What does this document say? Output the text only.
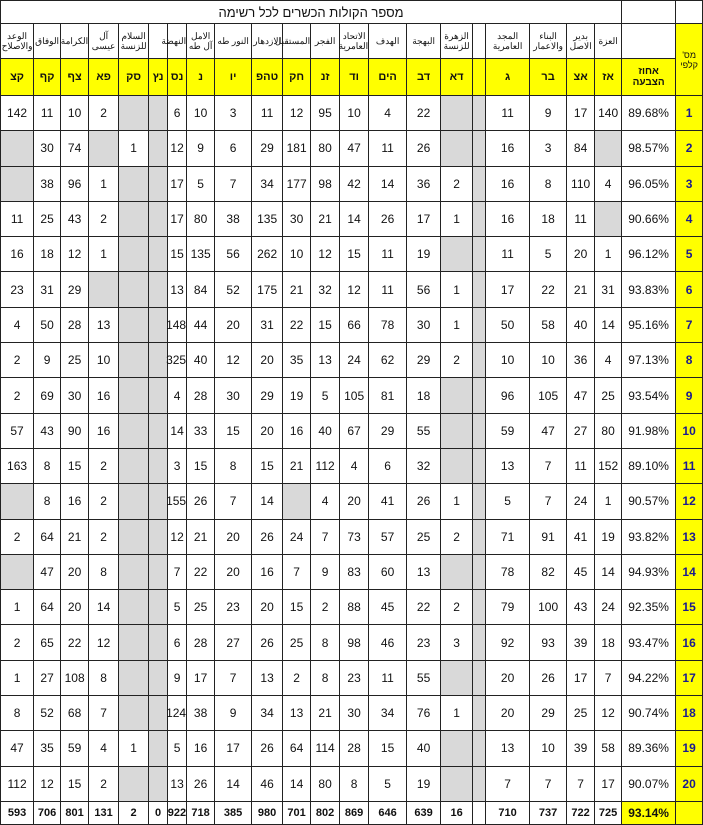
		מספר הקולות הכשרים לכל רשימה																				
מס' קלפי		العزة	بدير الاصل	البناء والاعمار	المجد العامرية		الزهرة للزنسة	البهجة	الهدف	الاتحاد العامرية	الفجر	المستقبل	الازدهار	النور طه	الامل آل طه	النهضة		السلام للزنسة	آل عيسى	الكرامة	الوفاق	الوعد والاصلاح
	אחוז הצבעה	אז	אצ	בר	ג		דא	דב	הים	וד	זנ	חק	טהפ	יו	נ	נס	נץ	סק	פא	צף	קף	קצ
1	89.68%	140	17	9	11			22	4	10	95	12	11	3	10	6			2	10	11	142
2	98.57%		84	3	16			26	11	47	80	181	29	6	9	12		1		74	30	
3	96.05%	4	110	8	16		2	36	14	42	98	177	34	7	5	17			1	96	38	
4	90.66%		11	18	16		1	17	26	14	21	30	135	38	80	17			2	43	25	11
5	96.12%	1	20	5	11			19	11	15	12	10	262	56	135	15			1	12	18	16
6	93.83%	31	21	22	17		1	56	11	12	32	21	175	52	84	13				29	31	23
7	95.16%	14	40	58	50		1	30	78	66	15	22	31	20	44	148			13	28	50	4
8	97.13%	4	36	10	10		2	29	62	24	13	35	20	12	40	325			10	25	9	2
9	93.54%	25	47	105	96			18	81	105	5	19	29	30	28	4			16	30	69	2
10	91.98%	80	27	47	59			55	29	67	40	16	20	15	33	14			16	90	43	57
11	89.10%	152	11	7	13			32	6	4	112	21	15	8	15	3			2	15	8	163
12	90.57%	1	24	7	5		1	26	41	20	4		14	7	26	155			2	16	8	
13	93.82%	19	41	91	71		2	25	57	73	7	24	26	20	21	12			2	21	64	2
14	94.93%	14	45	82	78			13	60	83	9	7	16	20	22	7			8	20	47	
15	92.35%	24	43	100	79		2	22	45	88	2	15	20	23	25	5			14	20	64	1
16	93.47%	18	39	93	92		3	23	46	98	8	25	26	27	28	6			12	22	65	2
17	94.22%	7	17	26	20			55	11	23	8	2	13	7	17	9			8	108	27	1
18	90.74%	12	25	29	20		1	76	34	30	21	13	34	9	38	124			7	68	52	8
19	89.36%	58	39	10	13			40	15	28	114	64	26	17	16	5		1	4	59	35	47
20	90.07%	17	7	7	7			19	5	8	80	14	46	14	26	13			2	15	12	112
	93.14%	725	722	737	710		16	639	646	869	802	701	980	385	718	922	0	2	131	801	706	593
